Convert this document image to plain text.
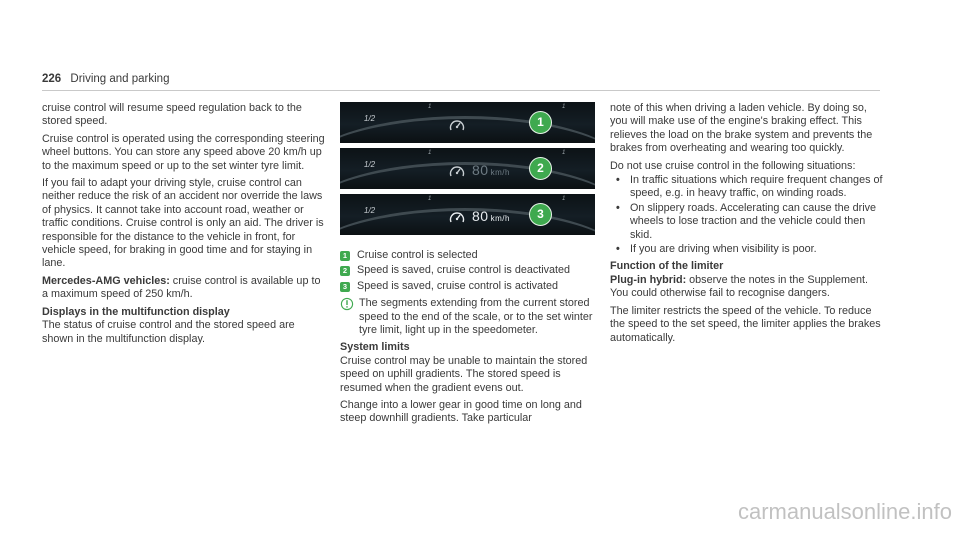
226 Driving and parking

cruise control will resume speed regulation back to the stored speed.

Cruise control is operated using the corresponding steering wheel buttons. You can store any speed above 20 km/h up to the maximum speed or up to the set winter tyre limit.

If you fail to adapt your driving style, cruise control can neither reduce the risk of an accident nor override the laws of physics. It cannot take into account road, weather or traffic conditions. Cruise control is only an aid. The driver is responsible for the distance to the vehicle in front, for vehicle speed, for braking in good time and for staying in lane.

Mercedes-AMG vehicles: cruise control is available up to a maximum speed of 250 km/h.

Displays in the multifunction display

The status of cruise control and the stored speed are shown in the multifunction display.

1/2
1	1
1
1/2
1	1
80 km/h	2
1/2
1	1
80 km/h	3
1 Cruise control is selected
2 Speed is saved, cruise control is deactivated
3 Speed is saved, cruise control is activated
The segments extending from the current stored speed to the end of the scale, or to the set winter tyre limit, light up in the speedometer.

System limits

Cruise control may be unable to maintain the stored speed on uphill gradients. The stored speed is resumed when the gradient evens out.

Change into a lower gear in good time on long and steep downhill gradients. Take particular

note of this when driving a laden vehicle. By doing so, you will make use of the engine's braking effect. This relieves the load on the brake system and prevents the brakes from overheating and wearing too quickly.

Do not use cruise control in the following situations:

• In traffic situations which require frequent changes of speed, e.g. in heavy traffic, on winding roads.
• On slippery roads. Accelerating can cause the drive wheels to lose traction and the vehicle could then skid.
• If you are driving when visibility is poor.

Function of the limiter

Plug-in hybrid: observe the notes in the Supplement. You could otherwise fail to recognise dangers.

The limiter restricts the speed of the vehicle. To reduce the speed to the set speed, the limiter applies the brakes automatically.

carmanualsonline.info
